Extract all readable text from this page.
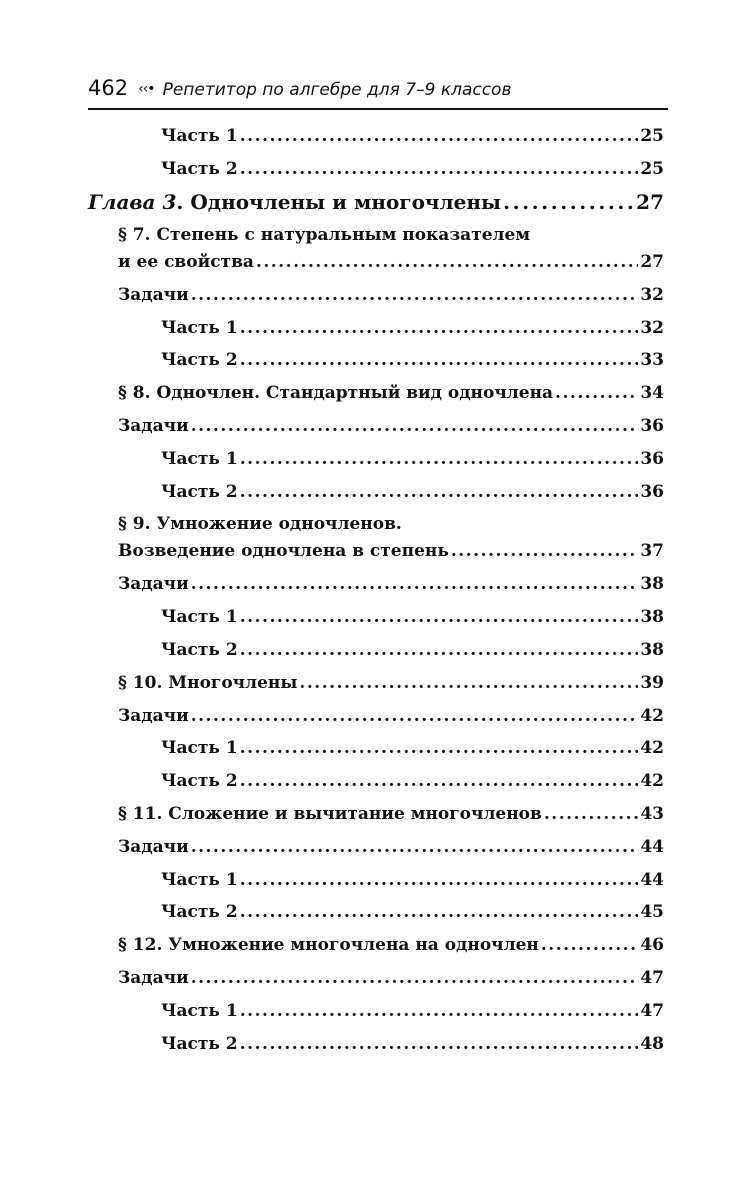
462 ‹‹• Репетитор по алгебре для 7–9 классов
Часть 1 . . .	25
Часть 2 . . .	25
Глава 3. Одночлены и многочлены . . .	27
§ 7. Степень с натуральным показателем
и ее свойства . . .	27
Задачи . . .	32
Часть 1 . . .	32
Часть 2 . . .	33
§ 8. Одночлен. Стандартный вид одночлена . . .	34
Задачи . . .	36
Часть 1 . . .	36
Часть 2 . . .	36
§ 9. Умножение одночленов.
Возведение одночлена в степень . . .	37
Задачи . . .	38
Часть 1 . . .	38
Часть 2 . . .	38
§ 10. Многочлены . . .	39
Задачи . . .	42
Часть 1 . . .	42
Часть 2 . . .	42
§ 11. Сложение и вычитание многочленов . . .	43
Задачи . . .	44
Часть 1 . . .	44
Часть 2 . . .	45
§ 12. Умножение многочлена на одночлен . . .	46
Задачи . . .	47
Часть 1 . . .	47
Часть 2 . . .	48
